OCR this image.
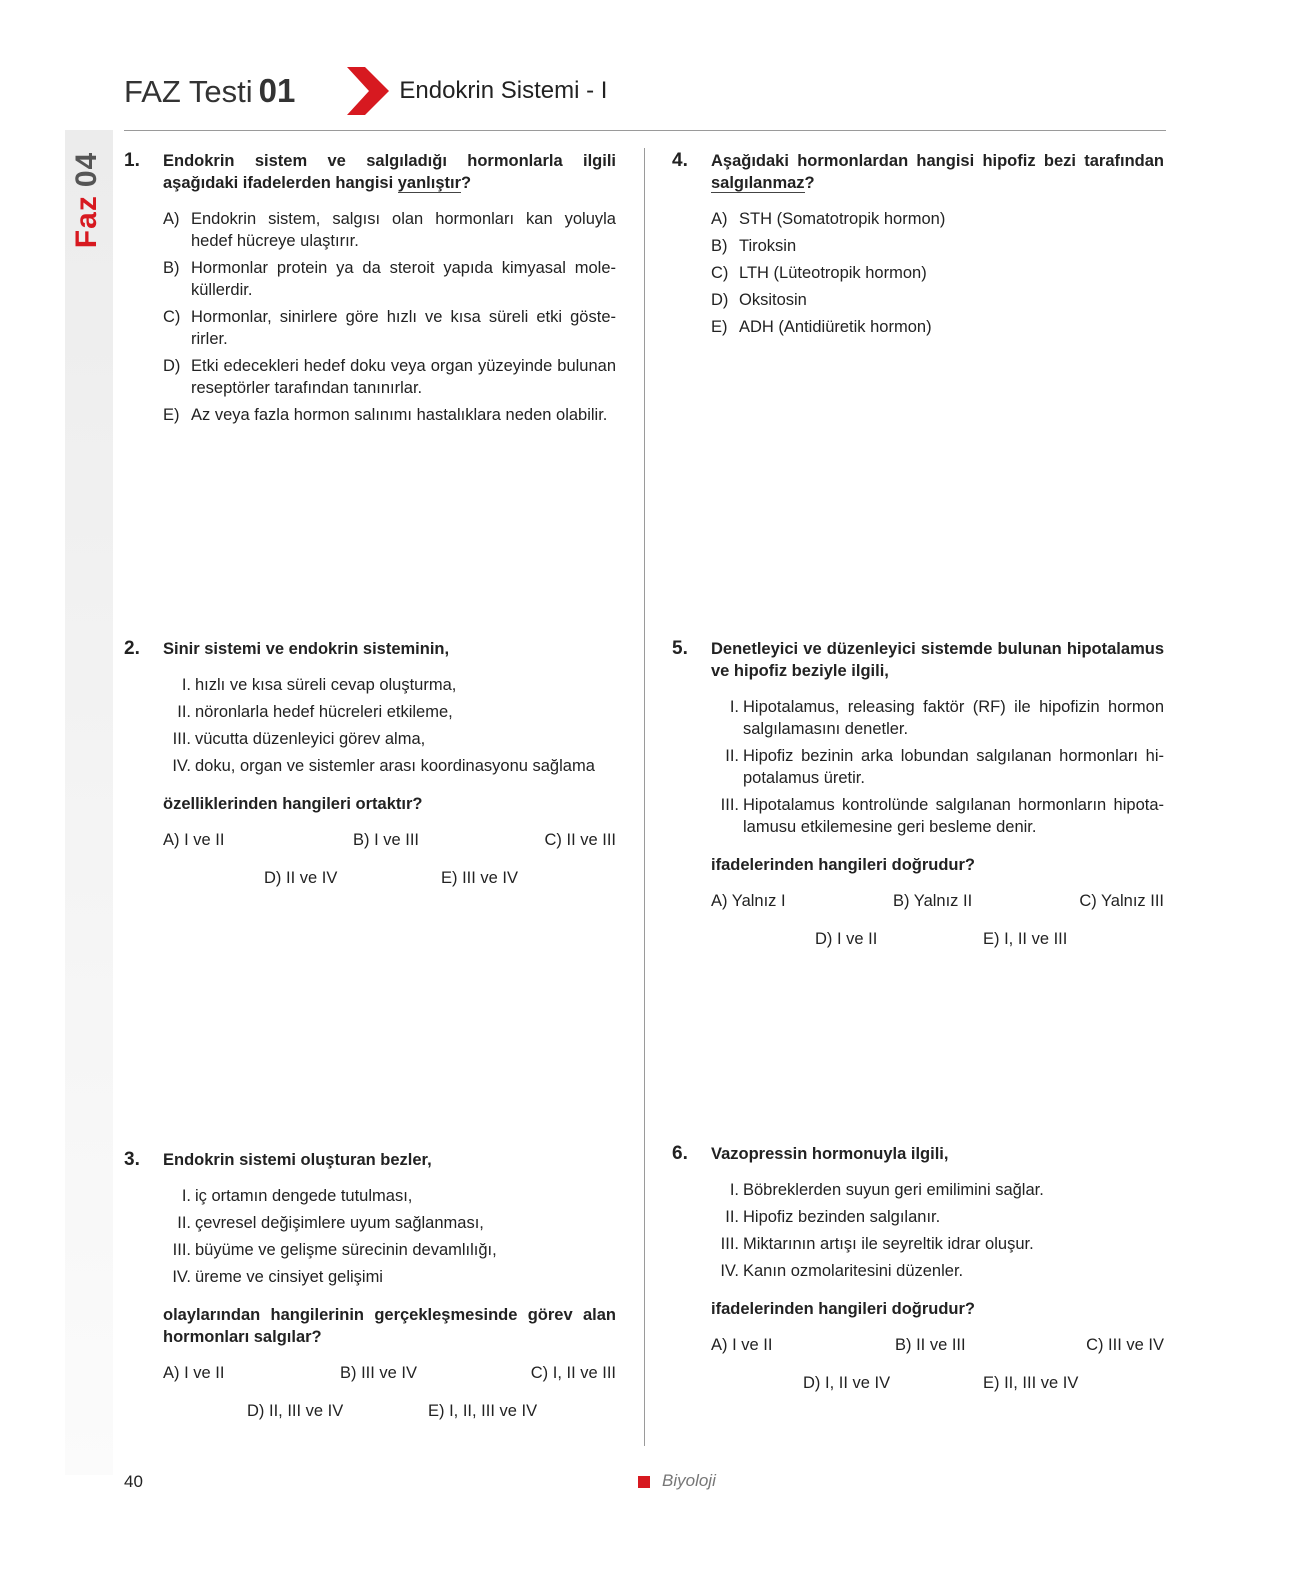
Faz04
FAZ Testi 01	Endokrin Sistemi - I
1. Endokrin sistem ve salgıladığı hormonlarla ilgili aşağıdaki ifadelerden hangisi yanlıştır?

A) Endokrin sistem, salgısı olan hormonları kan yoluyla hedef hücreye ulaştırır.
B) Hormonlar protein ya da steroit yapıda kimyasal moleküllerdir.
C) Hormonlar, sinirlere göre hızlı ve kısa süreli etki gösterirler.
D) Etki edecekleri hedef doku veya organ yüzeyinde bulunan reseptörler tarafından tanınırlar.
E) Az veya fazla hormon salınımı hastalıklara neden olabilir.
2. Sinir sistemi ve endokrin sisteminin,

I. hızlı ve kısa süreli cevap oluşturma,
II. nöronlarla hedef hücreleri etkileme,
III. vücutta düzenleyici görev alma,
IV. doku, organ ve sistemler arası koordinasyonu sağlama
özelliklerinden hangileri ortaktır?
A) I ve II	B) I ve III	C) II ve III
D) II ve IV	E) III ve IV
3. Endokrin sistemi oluşturan bezler,

I. iç ortamın dengede tutulması,
II. çevresel değişimlere uyum sağlanması,
III. büyüme ve gelişme sürecinin devamlılığı,
IV. üreme ve cinsiyet gelişimi
olaylarından hangilerinin gerçekleşmesinde görev alan hormonları salgılar?
A) I ve II	B) III ve IV	C) I, II ve III
D) II, III ve IV	E) I, II, III ve IV
4. Aşağıdaki hormonlardan hangisi hipofiz bezi tarafından salgılanmaz?

A) STH (Somatotropik hormon)
B) Tiroksin
C) LTH (Lüteotropik hormon)
D) Oksitosin
E) ADH (Antidiüretik hormon)
5. Denetleyici ve düzenleyici sistemde bulunan hipotalamus ve hipofiz beziyle ilgili,

I. Hipotalamus, releasing faktör (RF) ile hipofizin hormon salgılamasını denetler.
II. Hipofiz bezinin arka lobundan salgılanan hormonları hipotalamus üretir.
III. Hipotalamus kontrolünde salgılanan hormonların hipotalamusu etkilemesine geri besleme denir.
ifadelerinden hangileri doğrudur?
A) Yalnız I	B) Yalnız II	C) Yalnız III
D) I ve II	E) I, II ve III
6. Vazopressin hormonuyla ilgili,

I. Böbreklerden suyun geri emilimini sağlar.
II. Hipofiz bezinden salgılanır.
III. Miktarının artışı ile seyreltik idrar oluşur.
IV. Kanın ozmolaritesini düzenler.
ifadelerinden hangileri doğrudur?
A) I ve II	B) II ve III	C) III ve IV
D) I, II ve IV	E) II, III ve IV
40	Biyoloji
